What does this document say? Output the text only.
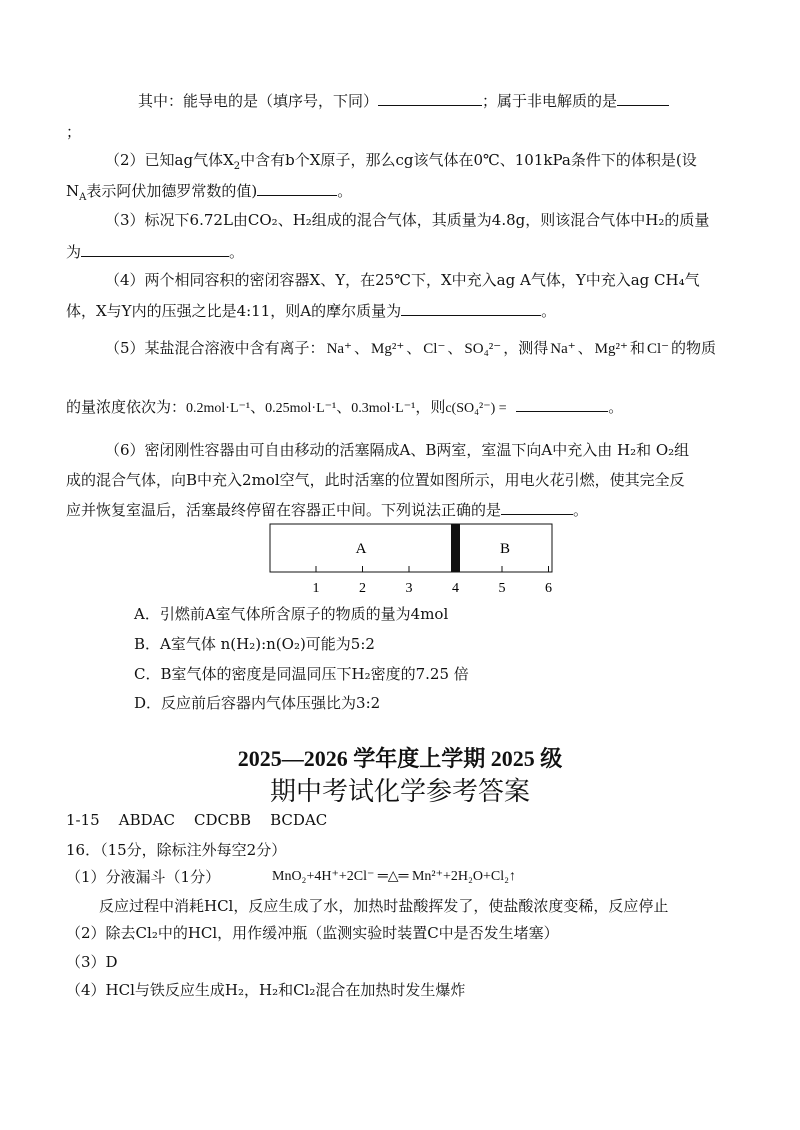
其中：能导电的是（填序号，下同）	；属于非电解质的是
；
（2）已知ag气体$X_2$中含有b个X原子，那么cg该气体在0℃、101kPa条件下的体积是(设
$N_A$表示阿伏加德罗常数的值)	。
（3）标况下6.72L由CO₂、H₂组成的混合气体，其质量为4.8g，则该混合气体中H₂的质量
为	。
（4）两个相同容积的密闭容器X、Y，在25℃下，X中充入ag A气体，Y中充入ag CH₄气
体，X与Y内的压强之比是4:11，则A的摩尔质量为	。
（5）某盐混合溶液中含有离子： Na⁺ 、 Mg²⁺ 、 Cl⁻ 、 SO₄²⁻ ，测得 Na⁺ 、 Mg²⁺ 和 Cl⁻ 的物质
的量浓度依次为：0.2mol·L⁻¹、0.25mol·L⁻¹、0.3mol·L⁻¹，则c(SO₄²⁻) =	。
（6）密闭刚性容器由可自由移动的活塞隔成A、B两室，室温下向A中充入由 H₂和 O₂组
成的混合气体，向B中充入2mol空气，此时活塞的位置如图所示，用电火花引燃，使其完全反
应并恢复室温后，活塞最终停留在容器正中间。下列说法正确的是	。
A	B
1	2	3	4	5	6
A．引燃前A室气体所含原子的物质的量为4mol
B．A室气体 n(H₂):n(O₂)可能为5:2
C．B室气体的密度是同温同压下H₂密度的7.25 倍
D．反应前后容器内气体压强比为3:2
2025—2026 学年度上学期 2025 级
期中考试化学参考答案
1-15    ABDAC    CDCBB    BCDAC
16．（15分，除标注外每空2分）
（1）分液漏斗（1分）	MnO₂+4H⁺+2Cl⁻ ═△═ Mn²⁺+2H₂O+Cl₂↑
反应过程中消耗HCl，反应生成了水，加热时盐酸挥发了，使盐酸浓度变稀，反应停止
（2）除去Cl₂中的HCl，用作缓冲瓶（监测实验时装置C中是否发生堵塞）
（3）D
（4）HCl与铁反应生成H₂，H₂和Cl₂混合在加热时发生爆炸
